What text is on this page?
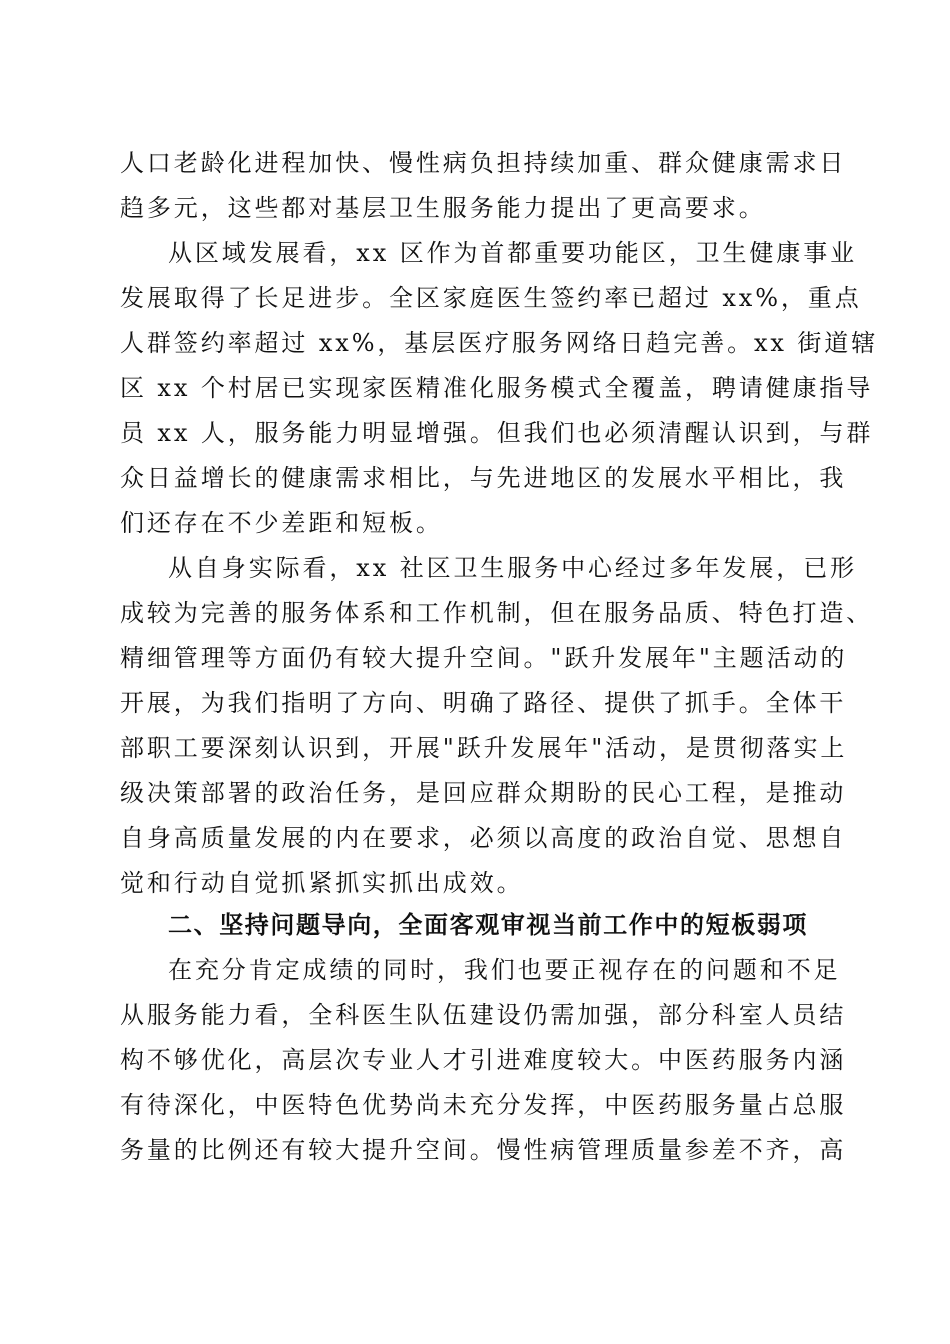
人口老龄化进程加快、慢性病负担持续加重、群众健康需求日
趋多元，这些都对基层卫生服务能力提出了更高要求。
从区域发展看，xx 区作为首都重要功能区，卫生健康事业
发展取得了长足进步。全区家庭医生签约率已超过 xx%，重点
人群签约率超过 xx%，基层医疗服务网络日趋完善。xx 街道辖
区 xx 个村居已实现家医精准化服务模式全覆盖，聘请健康指导
员 xx 人，服务能力明显增强。但我们也必须清醒认识到，与群
众日益增长的健康需求相比，与先进地区的发展水平相比，我
们还存在不少差距和短板。
从自身实际看，xx 社区卫生服务中心经过多年发展，已形
成较为完善的服务体系和工作机制，但在服务品质、特色打造、
精细管理等方面仍有较大提升空间。"跃升发展年"主题活动的
开展，为我们指明了方向、明确了路径、提供了抓手。全体干
部职工要深刻认识到，开展"跃升发展年"活动，是贯彻落实上
级决策部署的政治任务，是回应群众期盼的民心工程，是推动
自身高质量发展的内在要求，必须以高度的政治自觉、思想自
觉和行动自觉抓紧抓实抓出成效。
二、坚持问题导向，全面客观审视当前工作中的短板弱项
在充分肯定成绩的同时，我们也要正视存在的问题和不足
从服务能力看，全科医生队伍建设仍需加强，部分科室人员结
构不够优化，高层次专业人才引进难度较大。中医药服务内涵
有待深化，中医特色优势尚未充分发挥，中医药服务量占总服
务量的比例还有较大提升空间。慢性病管理质量参差不齐，高
